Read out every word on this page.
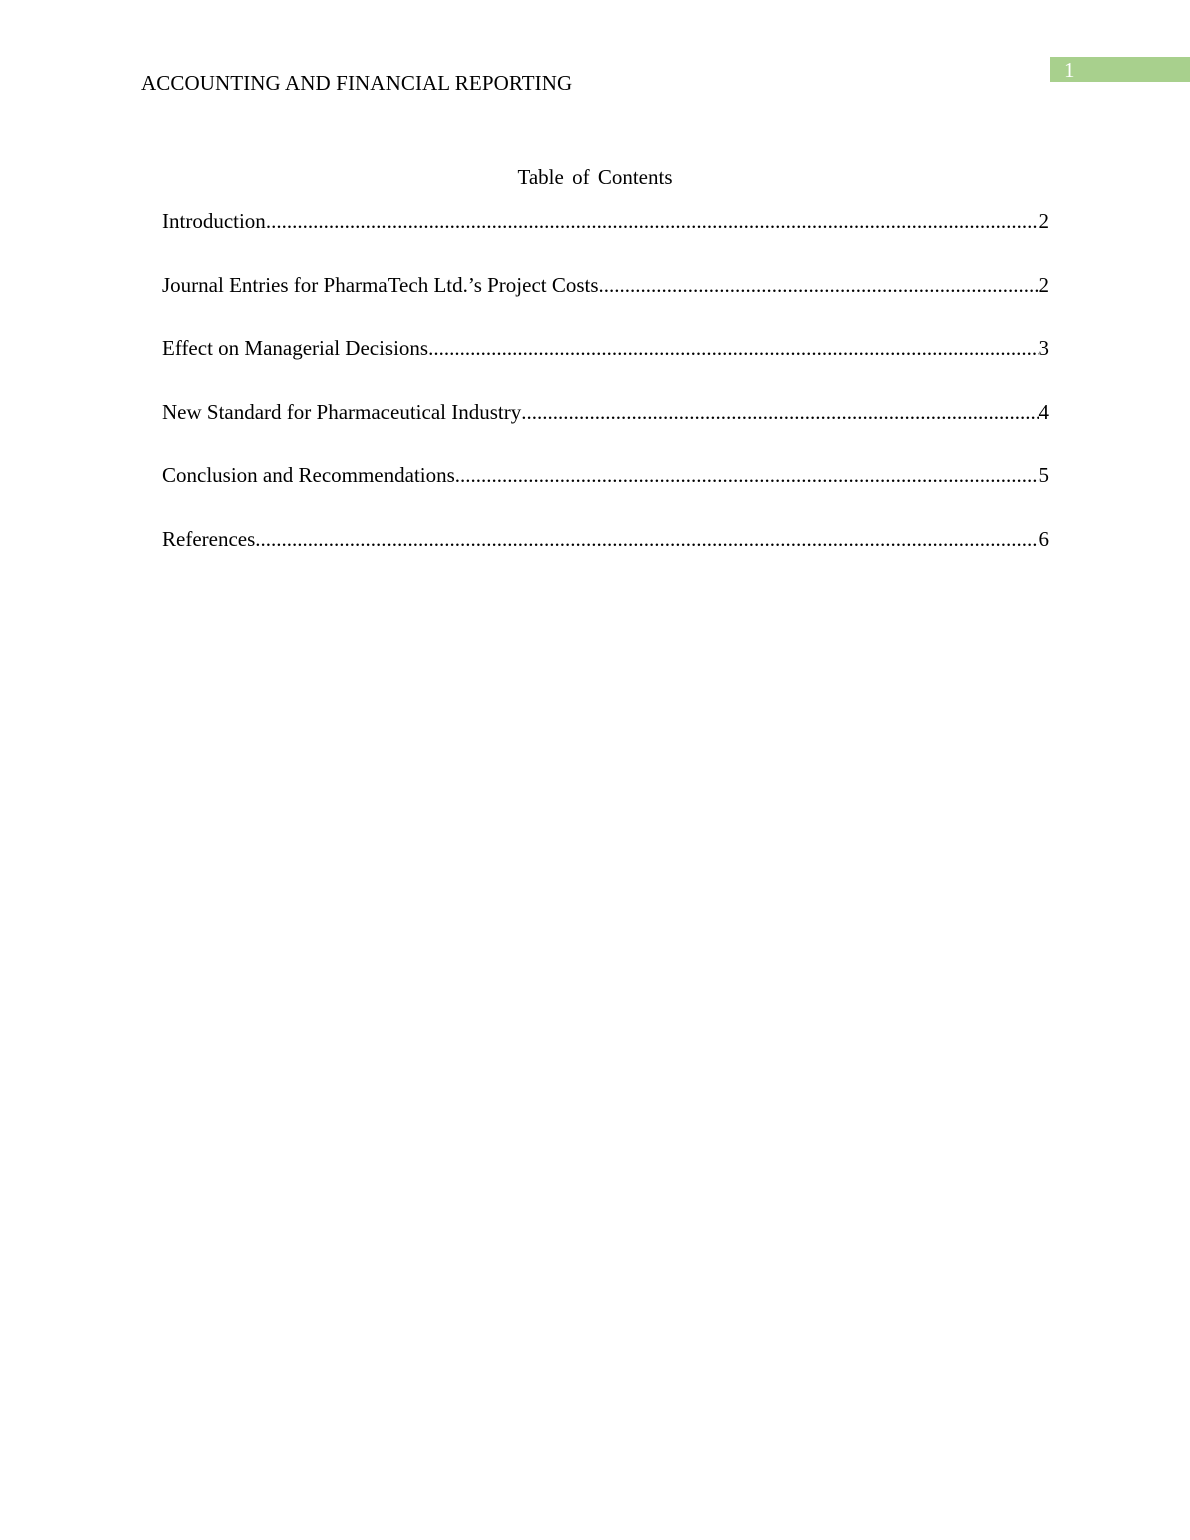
ACCOUNTING AND FINANCIAL REPORTING
1
Table of Contents
Introduction .....	2
Journal Entries for PharmaTech Ltd.’s Project Costs .....	2
Effect on Managerial Decisions .....	3
New Standard for Pharmaceutical Industry .....	4
Conclusion and Recommendations .....	5
References .....	6
